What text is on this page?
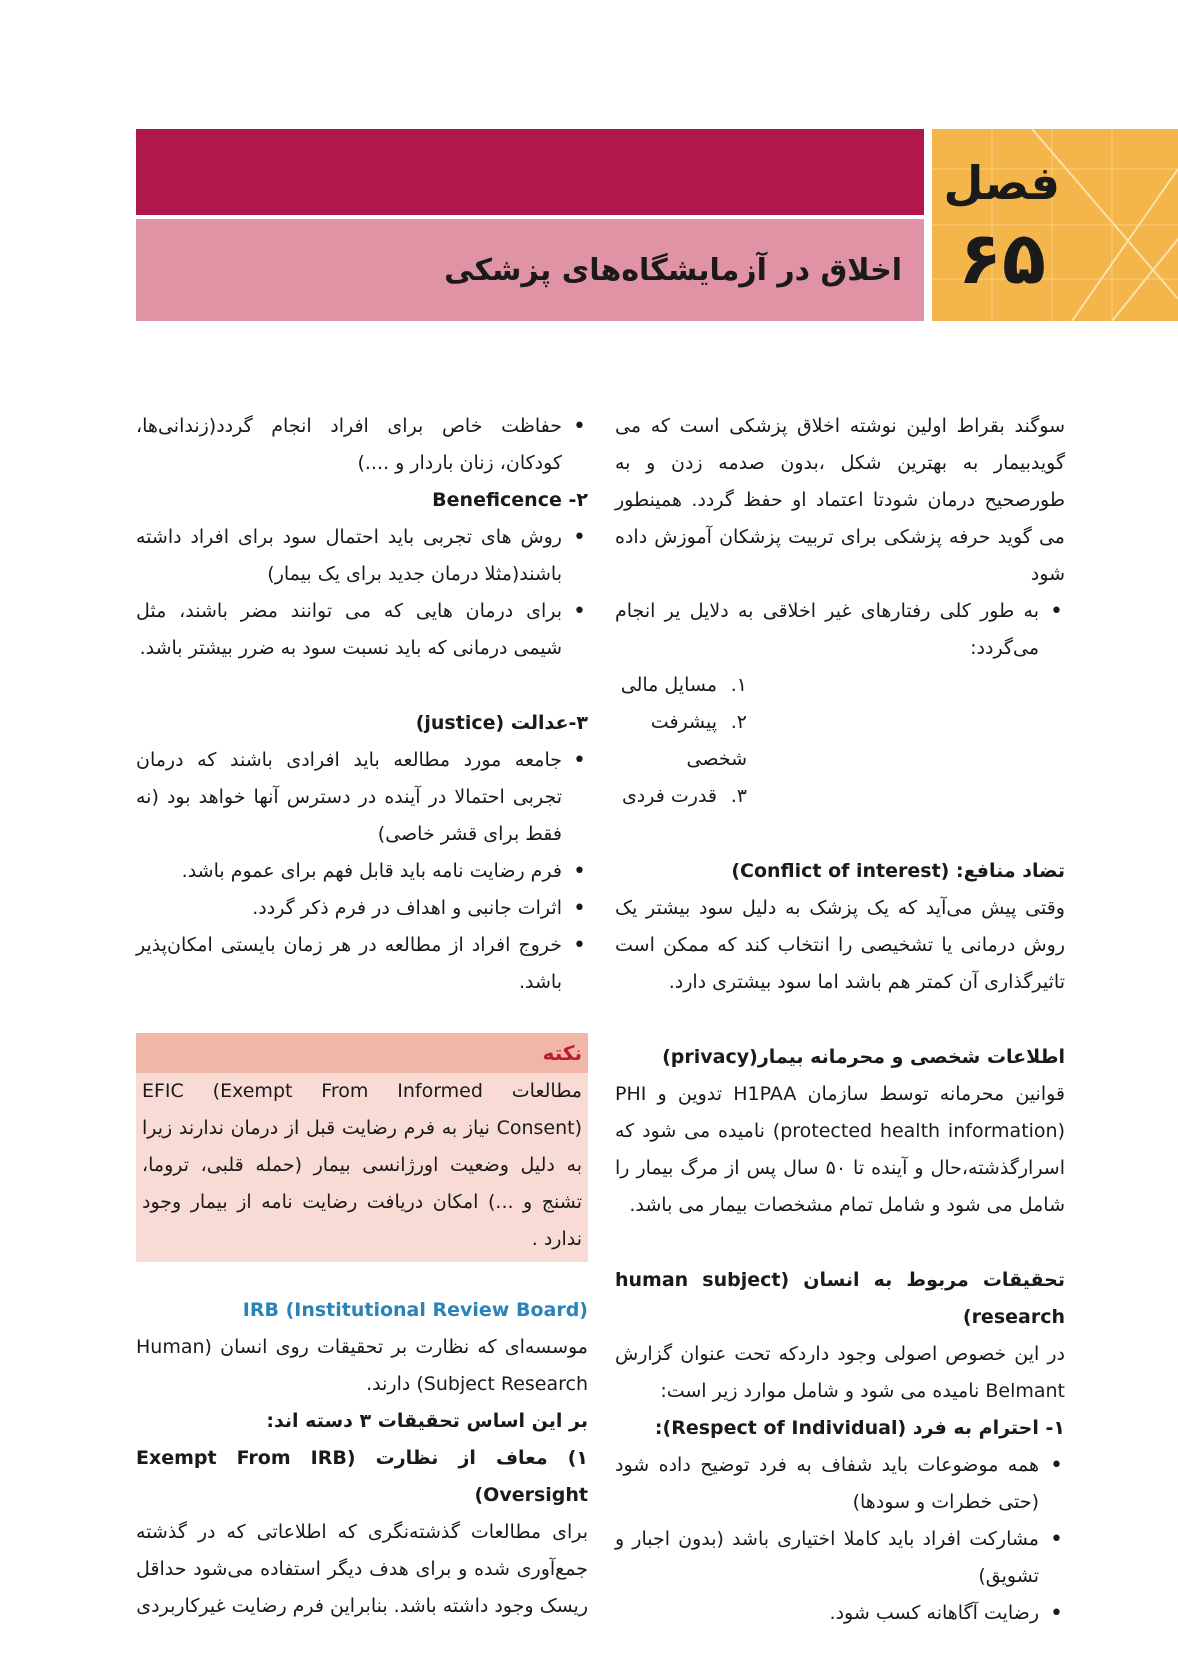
اخلاق در آزمایشگاه‌های پزشکی
فصل
۶۵

سوگند بقراط اولین نوشته اخلاق پزشکی است که می گویدبیمار به بهترین شکل ،بدون صدمه زدن و به طورصحیح درمان شودتا اعتماد او حفظ گردد. همینطور می گوید حرفه پزشکی برای تربیت پزشکان آموزش داده شود

• به طور کلی رفتارهای غیر اخلاقی به دلایل یر انجام می‌گردد:
۱.مسایل مالی
۲.پیشرفت شخصی
۳.قدرت فردی
تضاد منافع: (Conflict of interest)

وقتی پیش می‌آید که یک پزشک به دلیل سود بیشتر یک روش درمانی یا تشخیصی را انتخاب کند که ممکن است تاثیرگذاری آن کمتر هم باشد اما سود بیشتری دارد.

اطلاعات شخصی و محرمانه بیمار(privacy)

قوانین محرمانه توسط سازمان H1PAA تدوین و PHI (protected health information) نامیده می شود که اسرارگذشته،حال و آینده تا ۵۰ سال پس از مرگ بیمار را شامل می شود و شامل تمام مشخصات بیمار می باشد.

تحقیقات مربوط به انسان (human subject research)

در این خصوص اصولی وجود داردکه تحت عنوان گزارش Belmant نامیده می شود و شامل موارد زیر است:

۱- احترام به فرد (Respect of Individual):
• همه موضوعات باید شفاف به فرد توضیح داده شود (حتی خطرات و سودها)
• مشارکت افراد باید کاملا اختیاری باشد (بدون اجبار و تشویق)
• رضایت آگاهانه کسب شود.
• حفاظت خاص برای افراد انجام گردد(زندانی‌ها، کودکان، زنان باردار و ....)
۲- Beneficence
• روش های تجربی باید احتمال سود برای افراد داشته باشند(مثلا درمان جدید برای یک بیمار)
• برای درمان هایی که می توانند مضر باشند، مثل شیمی درمانی که باید نسبت سود به ضرر بیشتر باشد.
۳-عدالت (justice)
• جامعه مورد مطالعه باید افرادی باشند که درمان تجربی احتمالا در آینده در دسترس آنها خواهد بود (نه فقط برای قشر خاصی)
• فرم رضایت نامه باید قابل فهم برای عموم باشد.
• اثرات جانبی و اهداف در فرم ذکر گردد.
• خروج افراد از مطالعه در هر زمان بایستی امکان‌پذیر باشد.
نکته
مطالعات EFIC (Exempt From Informed Consent) نیاز به فرم رضایت قبل از درمان ندارند زیرا به دلیل وضعیت اورژانسی بیمار (حمله قلبی، تروما، تشنج و ...) امکان دریافت رضایت نامه از بیمار وجود ندارد .
IRB (Institutional Review Board)

موسسه‌ای که نظارت بر تحقیقات روی انسان (Human Subject Research) دارند.

بر این اساس تحقیقات ۳ دسته اند:
۱) معاف از نظارت (Exempt From IRB Oversight)

برای مطالعات گذشته‌نگری که اطلاعاتی که در گذشته جمع‌آوری شده و برای هدف دیگر استفاده می‌شود حداقل ریسک وجود داشته باشد. بنابراین فرم رضایت غیرکاربردی
